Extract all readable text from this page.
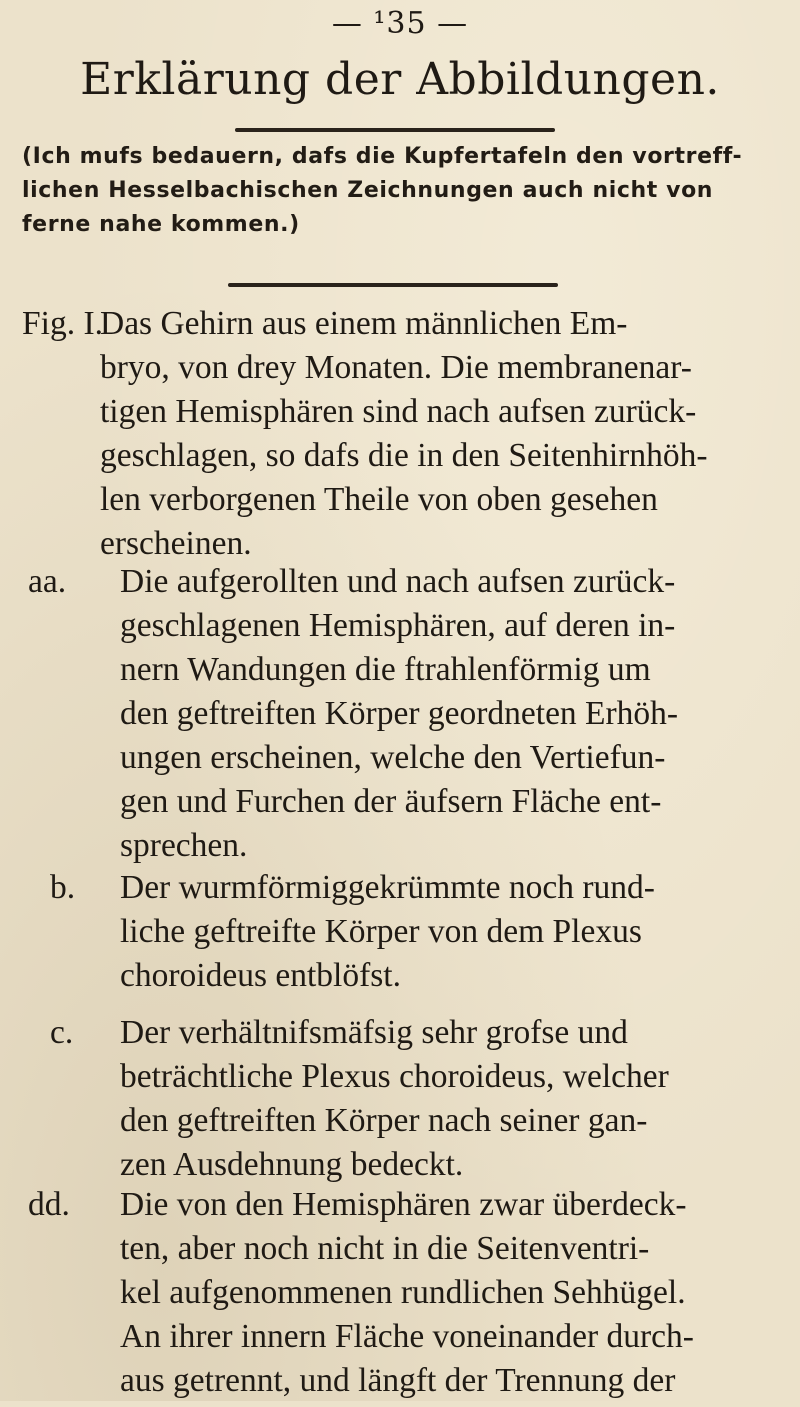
— ¹35 —
Erklärung der Abbildungen.
(Ich mufs bedauern, dafs die Kupfertafeln den vortreff-
lichen Hesselbachischen Zeichnungen auch nicht von
ferne nahe kommen.)
Fig. I.
Das Gehirn aus einem männlichen Em-
bryo, von drey Monaten. Die membranenar-
tigen Hemisphären sind nach aufsen zurück-
geschlagen, so dafs die in den Seitenhirnhöh-
len verborgenen Theile von oben gesehen
erscheinen.
aa. Die aufgerollten und nach aufsen zurück-
geschlagenen Hemisphären, auf deren in-
nern Wandungen die ftrahlenförmig um
den geftreiften Körper geordneten Erhöh-
ungen erscheinen, welche den Vertiefun-
gen und Furchen der äufsern Fläche ent-
sprechen.
b. Der wurmförmiggekrümmte noch rund-
liche geftreifte Körper von dem Plexus
choroideus entblöfst.
c. Der verhältnifsmäfsig sehr grofse und
beträchtliche Plexus choroideus, welcher
den geftreiften Körper nach seiner gan-
zen Ausdehnung bedeckt.
dd. Die von den Hemisphären zwar überdeck-
ten, aber noch nicht in die Seitenventri-
kel aufgenommenen rundlichen Sehhügel.
An ihrer innern Fläche voneinander durch-
aus getrennt, und längft der Trennung der
